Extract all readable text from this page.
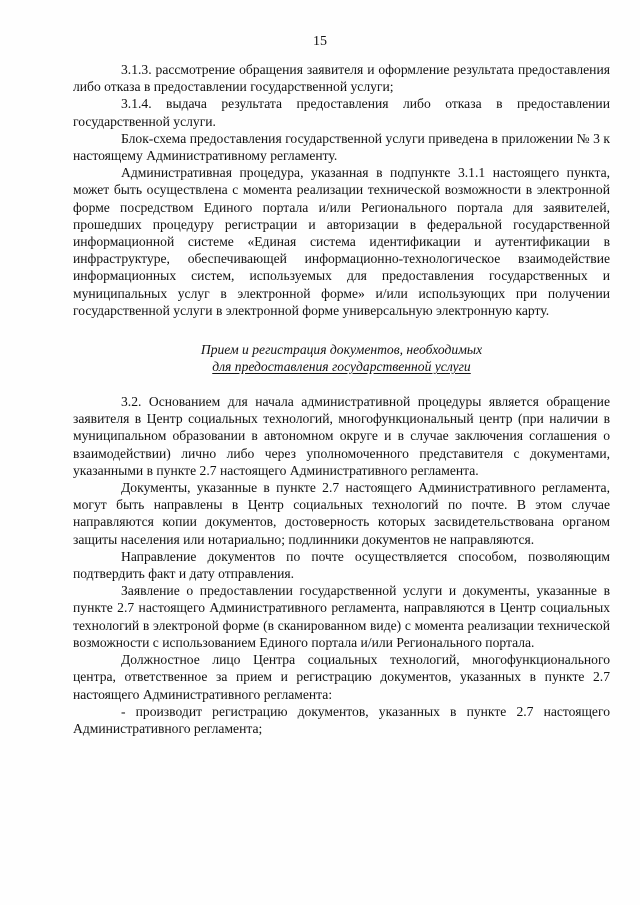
15

3.1.3. рассмотрение обращения заявителя и оформление результата предоставления либо отказа в предоставлении государственной услуги;

3.1.4. выдача результата предоставления либо отказа в предоставлении государственной услуги.

Блок-схема предоставления государственной услуги приведена в приложении № 3 к настоящему Административному регламенту.

Административная процедура, указанная в подпункте 3.1.1 настоящего пункта, может быть осуществлена с момента реализации технической возможности в электронной форме посредством Единого портала и/или Регионального портала для заявителей, прошедших процедуру регистрации и авторизации в федеральной государственной информационной системе «Единая система идентификации и аутентификации в инфраструктуре, обеспечивающей информационно-технологическое взаимодействие информационных систем, используемых для предоставления государственных и муниципальных услуг в электронной форме» и/или использующих при получении государственной услуги в электронной форме универсальную электронную карту.

Прием и регистрация документов, необходимых
для предоставления государственной услуги

3.2. Основанием для начала административной процедуры является обращение заявителя в Центр социальных технологий, многофункциональный центр (при наличии в муниципальном образовании в автономном округе и в случае заключения соглашения о взаимодействии) лично либо через уполномоченного представителя с документами, указанными в пункте 2.7 настоящего Административного регламента.

Документы, указанные в пункте 2.7 настоящего Административного регламента, могут быть направлены в Центр социальных технологий по почте. В этом случае направляются копии документов, достоверность которых засвидетельствована органом защиты населения или нотариально; подлинники документов не направляются.

Направление документов по почте осуществляется способом, позволяющим подтвердить факт и дату отправления.

Заявление о предоставлении государственной услуги и документы, указанные в пункте 2.7 настоящего Административного регламента, направляются в Центр социальных технологий в электроной форме (в сканированном виде) с момента реализации технической возможности с использованием Единого портала и/или Регионального портала.

Должностное лицо Центра социальных технологий, многофункционального центра, ответственное за прием и регистрацию документов, указанных в пункте 2.7 настоящего Административного регламента:

- производит регистрацию документов, указанных в пункте 2.7 настоящего Административного регламента;
